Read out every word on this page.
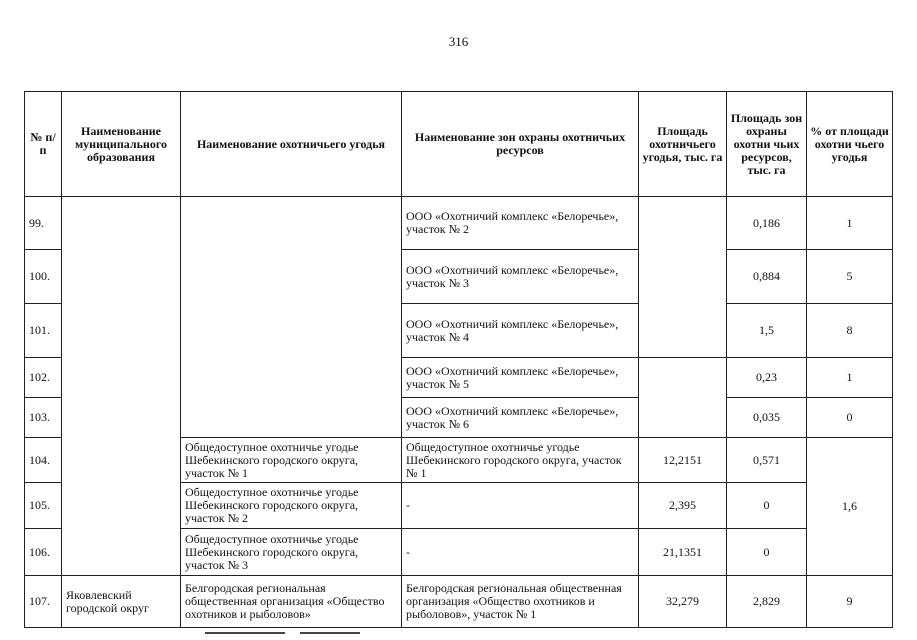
316
№ п/п	Наименование муниципального образования	Наименование охотничьего угодья	Наименование зон охраны охотничьих ресурсов	Площадь охотничьего угодья, тыс. га	Площадь зон охраны охотни чьих ресурсов, тыс. га	% от площади охотни чьего угодья
99.			ООО «Охотничий комплекс «Белоречье», участок № 2		0,186	1
100.			ООО «Охотничий комплекс «Белоречье», участок № 3		0,884	5
101.			ООО «Охотничий комплекс «Белоречье», участок № 4		1,5	8
102.			ООО «Охотничий комплекс «Белоречье», участок № 5		0,23	1
103.			ООО «Охотничий комплекс «Белоречье», участок № 6		0,035	0
104.		Общедоступное охотничье угодье Шебекинского городского округа, участок № 1	Общедоступное охотничье угодье Шебекинского городского округа, участок № 1	12,2151	0,571	1,6
105.		Общедоступное охотничье угодье Шебекинского городского округа, участок № 2	-	2,395	0	
106.		Общедоступное охотничье угодье Шебекинского городского округа, участок № 3	-	21,1351	0	
107.	Яковлевский городской округ	Белгородская региональная общественная организация «Общество охотников и рыболовов»	Белгородская региональная общественная организация «Общество охотников и рыболовов», участок № 1	32,279	2,829	9
